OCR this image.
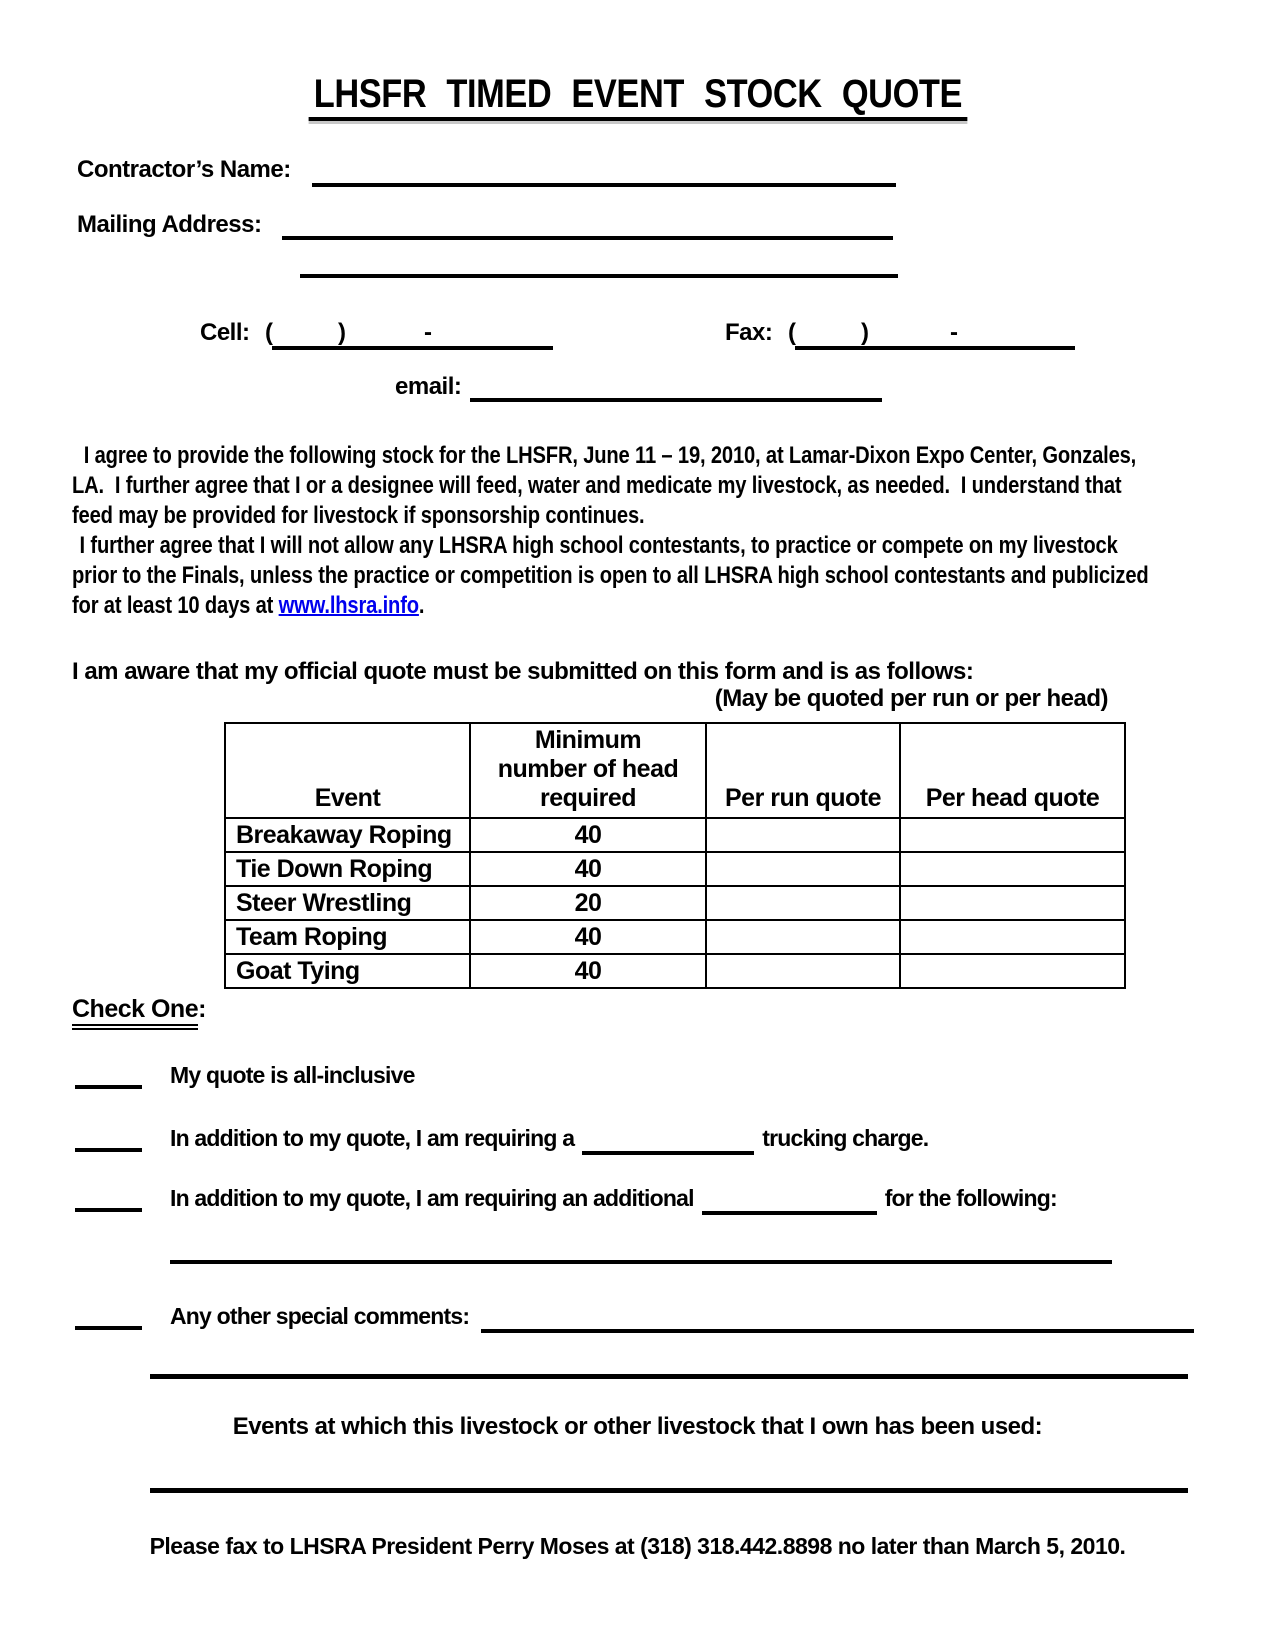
LHSFR TIMED EVENT STOCK QUOTE
Contractor’s Name:
Mailing Address:
Cell: (	)	-	Fax: (	)	-
email:

I agree to provide the following stock for the LHSFR, June 11 – 19, 2010, at Lamar-Dixon Expo Center, Gonzales, LA.  I further agree that I or a designee will feed, water and medicate my livestock, as needed.  I understand that feed may be provided for livestock if sponsorship continues.

I further agree that I will not allow any LHSRA high school contestants, to practice or compete on my livestock prior to the Finals, unless the practice or competition is open to all LHSRA high school contestants and publicized for at least 10 days at www.lhsra.info.

I am aware that my official quote must be submitted on this form and is as follows:
(May be quoted per run or per head)
Event	Minimum number of head required	Per run quote	Per head quote
Breakaway Roping	40		
Tie Down Roping	40		
Steer Wrestling	20		
Team Roping	40		
Goat Tying	40		
Check One:
My quote is all-inclusive
In addition to my quote, I am requiring a	trucking charge.
In addition to my quote, I am requiring an additional	for the following:
Any other special comments:

Events at which this livestock or other livestock that I own has been used:
Please fax to LHSRA President Perry Moses at (318) 318.442.8898 no later than March 5, 2010.
